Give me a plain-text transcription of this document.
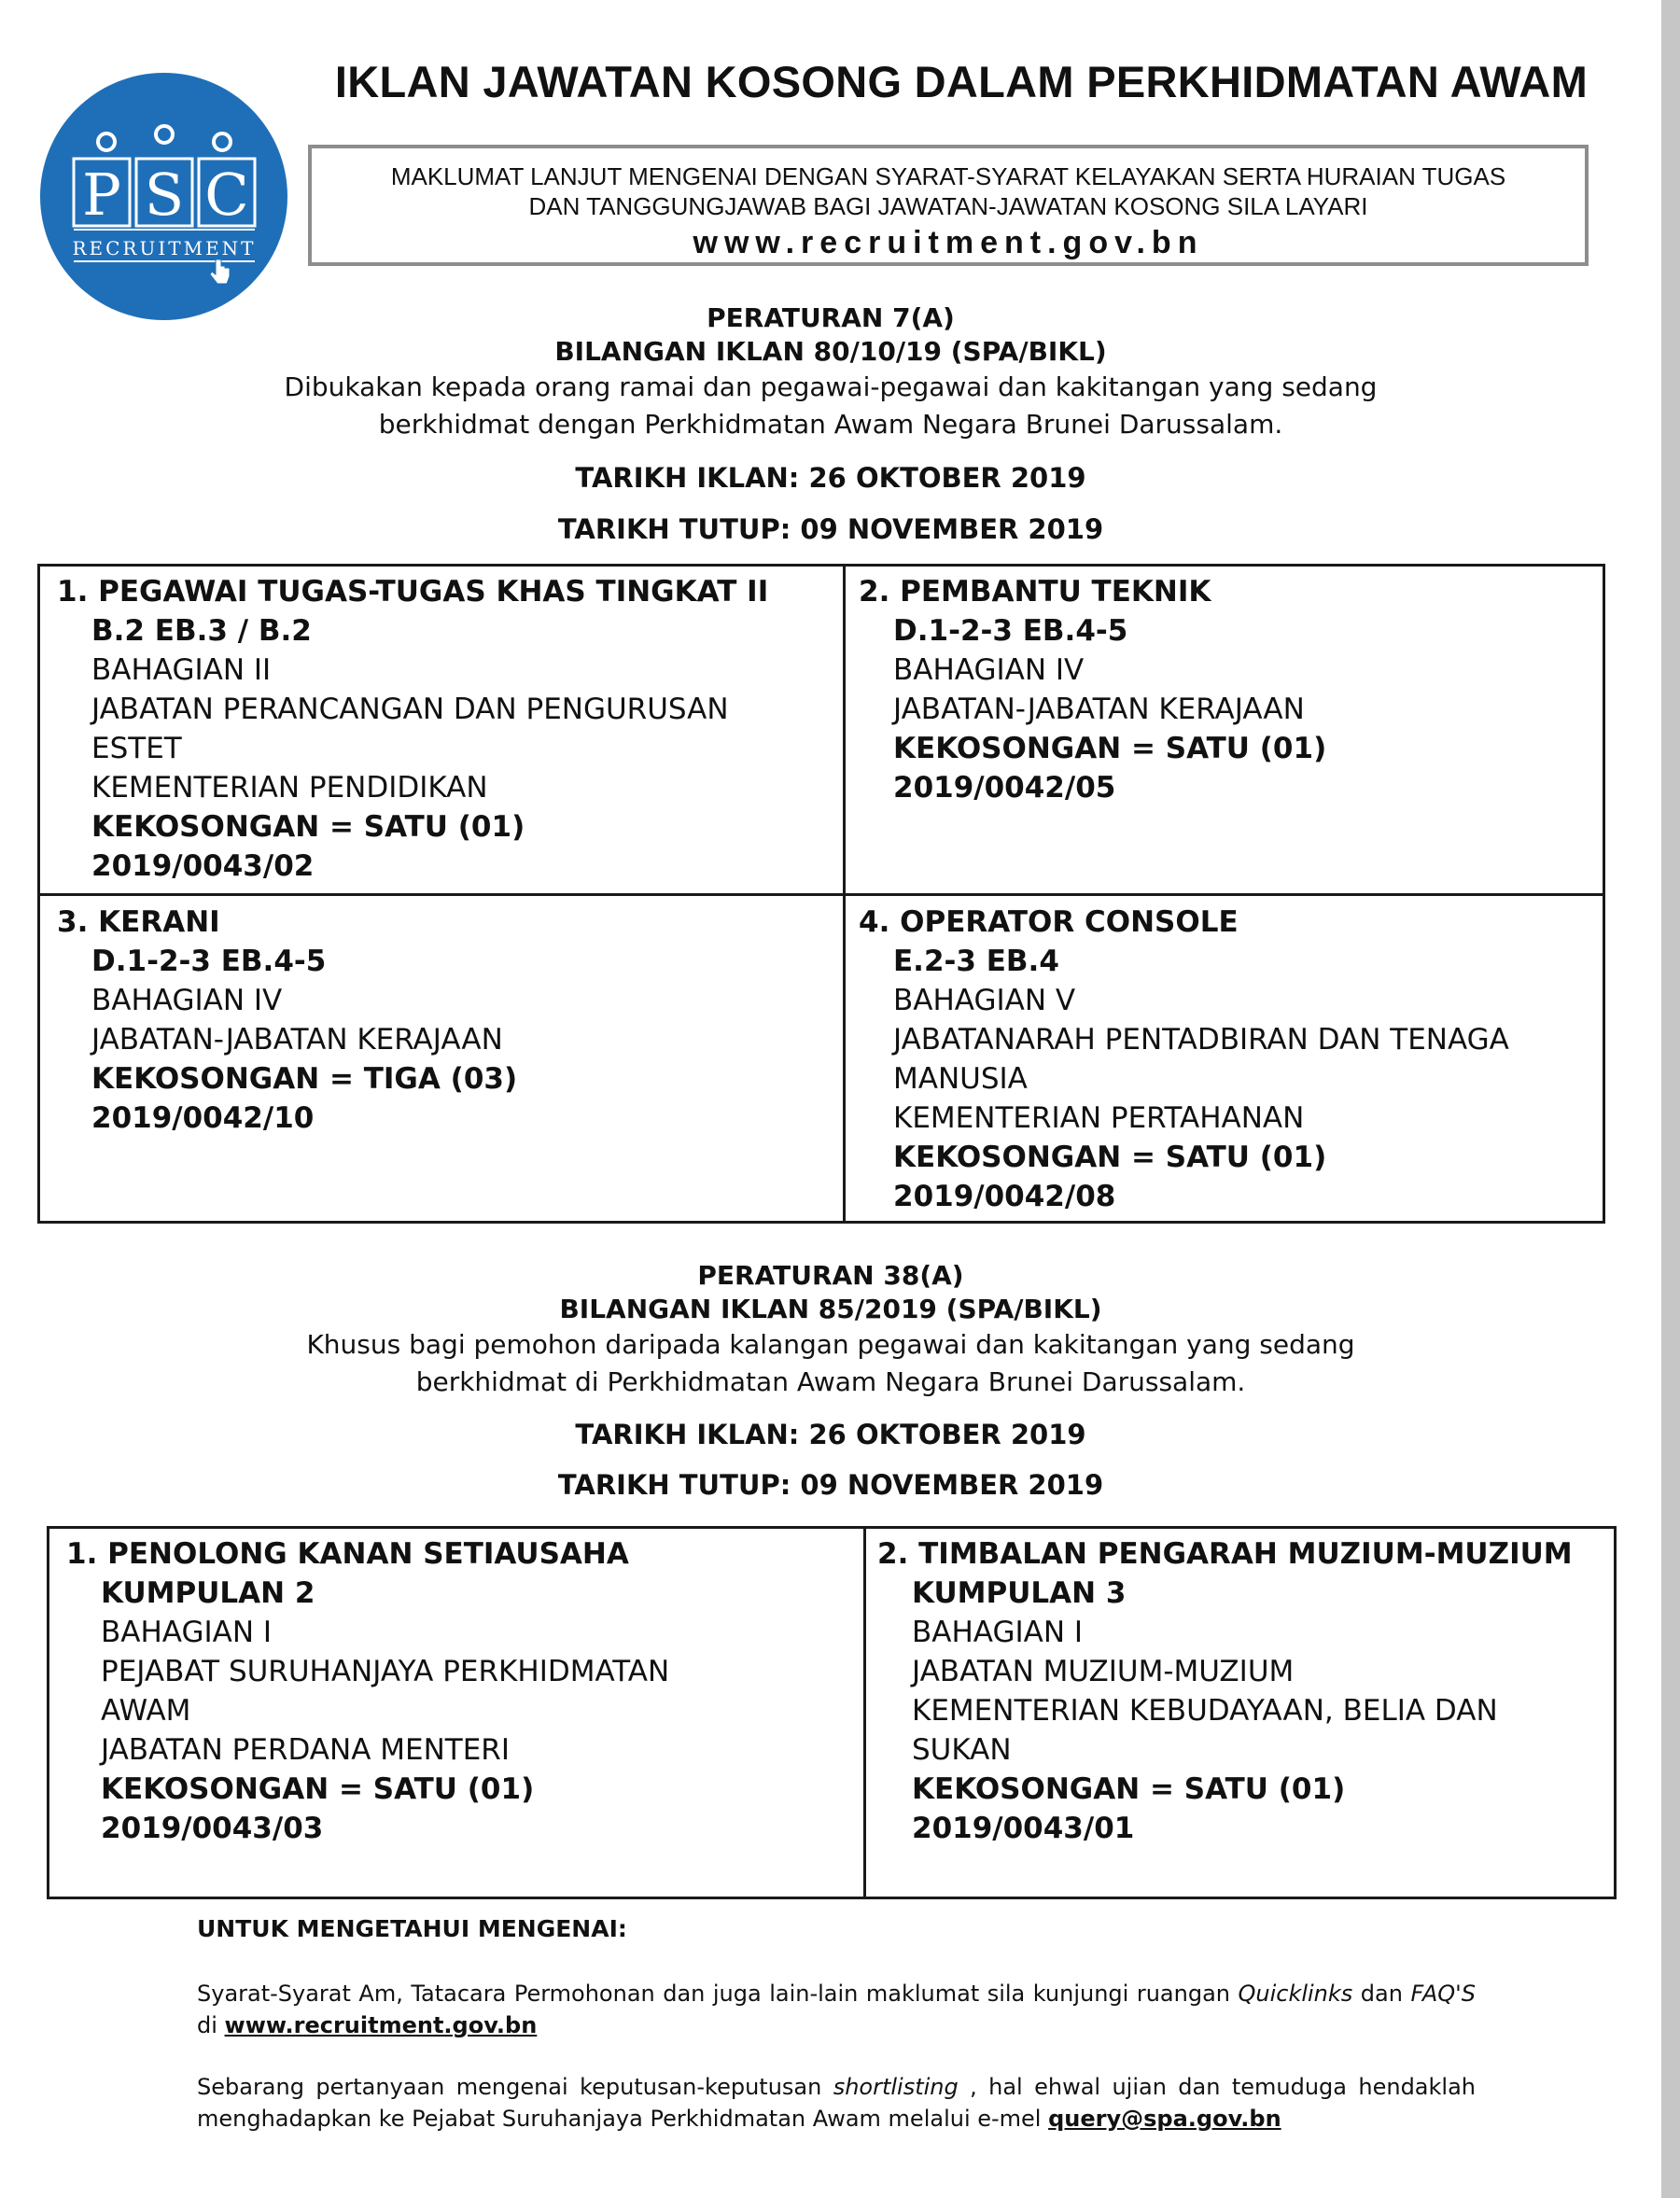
P S C
RECRUITMENT
IKLAN JAWATAN KOSONG DALAM PERKHIDMATAN AWAM
MAKLUMAT LANJUT MENGENAI DENGAN SYARAT-SYARAT KELAYAKAN SERTA HURAIAN TUGAS
DAN TANGGUNGJAWAB BAGI JAWATAN-JAWATAN KOSONG SILA LAYARI
www.recruitment.gov.bn
PERATURAN 7(A)
BILANGAN IKLAN 80/10/19 (SPA/BIKL)
Dibukakan kepada orang ramai dan pegawai-pegawai dan kakitangan yang sedang
berkhidmat dengan Perkhidmatan Awam Negara Brunei Darussalam.
TARIKH IKLAN: 26 OKTOBER 2019
TARIKH TUTUP: 09 NOVEMBER 2019
1. PEGAWAI TUGAS-TUGAS KHAS TINGKAT II
B.2 EB.3 / B.2
BAHAGIAN II
JABATAN PERANCANGAN DAN PENGURUSAN
ESTET
KEMENTERIAN PENDIDIKAN
KEKOSONGAN = SATU (01)
2019/0043/02
2. PEMBANTU TEKNIK
D.1-2-3 EB.4-5
BAHAGIAN IV
JABATAN-JABATAN KERAJAAN
KEKOSONGAN = SATU (01)
2019/0042/05
3. KERANI
D.1-2-3 EB.4-5
BAHAGIAN IV
JABATAN-JABATAN KERAJAAN
KEKOSONGAN = TIGA (03)
2019/0042/10
4. OPERATOR CONSOLE
E.2-3 EB.4
BAHAGIAN V
JABATANARAH PENTADBIRAN DAN TENAGA
MANUSIA
KEMENTERIAN PERTAHANAN
KEKOSONGAN = SATU (01)
2019/0042/08
PERATURAN 38(A)
BILANGAN IKLAN 85/2019 (SPA/BIKL)
Khusus bagi pemohon daripada kalangan pegawai dan kakitangan yang sedang
berkhidmat di Perkhidmatan Awam Negara Brunei Darussalam.
TARIKH IKLAN: 26 OKTOBER 2019
TARIKH TUTUP: 09 NOVEMBER 2019
1. PENOLONG KANAN SETIAUSAHA
KUMPULAN 2
BAHAGIAN I
PEJABAT SURUHANJAYA PERKHIDMATAN
AWAM
JABATAN PERDANA MENTERI
KEKOSONGAN = SATU (01)
2019/0043/03
2. TIMBALAN PENGARAH MUZIUM-MUZIUM
KUMPULAN 3
BAHAGIAN I
JABATAN MUZIUM-MUZIUM
KEMENTERIAN KEBUDAYAAN, BELIA DAN
SUKAN
KEKOSONGAN = SATU (01)
2019/0043/01
UNTUK MENGETAHUI MENGENAI:
Syarat-Syarat Am, Tatacara Permohonan dan juga lain-lain maklumat sila kunjungi ruangan Quicklinks dan FAQ'S di www.recruitment.gov.bn
Sebarang pertanyaan mengenai keputusan-keputusan shortlisting , hal ehwal ujian dan temuduga hendaklah menghadapkan ke Pejabat Suruhanjaya Perkhidmatan Awam melalui e-mel query@spa.gov.bn
